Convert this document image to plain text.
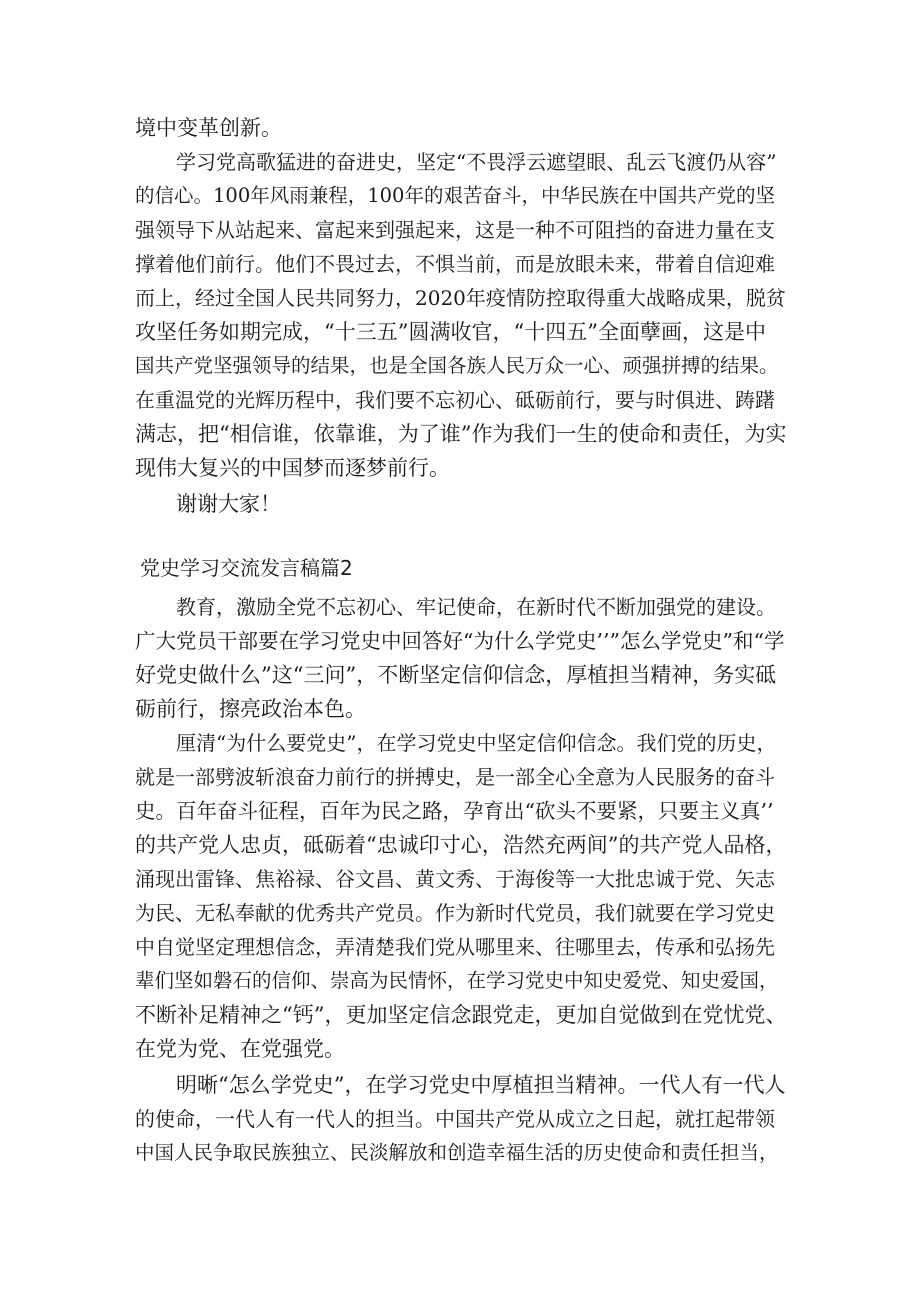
境中变革创新。
学习党高歌猛进的奋进史，坚定“不畏浮云遮望眼、乱云飞渡仍从容”
的信心。100年风雨兼程，100年的艰苦奋斗，中华民族在中国共产党的坚
强领导下从站起来、富起来到强起来，这是一种不可阻挡的奋进力量在支
撑着他们前行。他们不畏过去，不惧当前，而是放眼未来，带着自信迎难
而上，经过全国人民共同努力，2020年疫情防控取得重大战略成果，脱贫
攻坚任务如期完成，“十三五”圆满收官，“十四五”全面孽画，这是中
国共产党坚强领导的结果，也是全国各族人民万众一心、顽强拼搏的结果。
在重温党的光辉历程中，我们要不忘初心、砥砺前行，要与时俱进、踌躇
满志，把“相信谁，依靠谁，为了谁”作为我们一生的使命和责任，为实
现伟大复兴的中国梦而逐梦前行。
谢谢大家！
党史学习交流发言稿篇2
教育，激励全党不忘初心、牢记使命，在新时代不断加强党的建设。
广大党员干部要在学习党史中回答好“为什么学党史’’”怎么学党史”和“学
好党史做什么”这“三问”，不断坚定信仰信念，厚植担当精神，务实砥
砺前行，擦亮政治本色。
厘清“为什么要党史”，在学习党史中坚定信仰信念。我们党的历史，
就是一部劈波斩浪奋力前行的拼搏史，是一部全心全意为人民服务的奋斗
史。百年奋斗征程，百年为民之路，孕育出“砍头不要紧，只要主义真’’
的共产党人忠贞，砥砺着“忠诚印寸心，浩然充两间”的共产党人品格，
涌现出雷锋、焦裕禄、谷文昌、黄文秀、于海俊等一大批忠诚于党、矢志
为民、无私奉献的优秀共产党员。作为新时代党员，我们就要在学习党史
中自觉坚定理想信念，弄清楚我们党从哪里来、往哪里去，传承和弘扬先
辈们坚如磐石的信仰、崇高为民情怀，在学习党史中知史爱党、知史爱国，
不断补足精神之“钙”，更加坚定信念跟党走，更加自觉做到在党忧党、
在党为党、在党强党。
明晰“怎么学党史”，在学习党史中厚植担当精神。一代人有一代人
的使命，一代人有一代人的担当。中国共产党从成立之日起，就扛起带领
中国人民争取民族独立、民淡解放和创造幸福生活的历史使命和责任担当，
